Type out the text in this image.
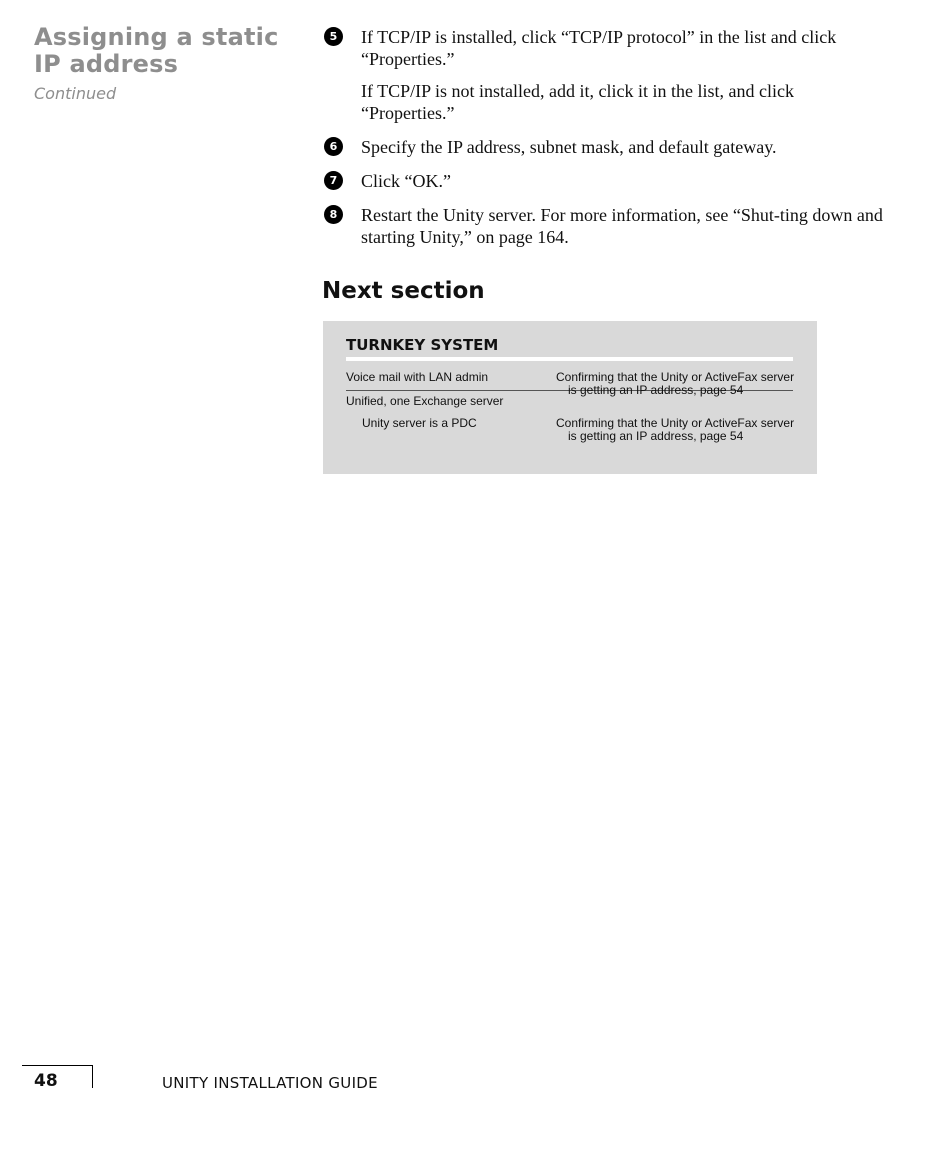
Assigning a static IP address
Continued
5	If TCP/IP is installed, click “TCP/IP protocol” in the list and click “Properties.”

If TCP/IP is not installed, add it, click it in the list, and click “Properties.”

6	Specify the IP address, subnet mask, and default gateway.

7	Click “OK.”

8	Restart the Unity server. For more information, see “Shut-ting down and starting Unity,” on page 164.

Next section
TURNKEY SYSTEM
Voice mail with LAN admin	Confirming that the Unity or ActiveFax server
is getting an IP address, page 54
Unified, one Exchange server
Unity server is a PDC	Confirming that the Unity or ActiveFax server
is getting an IP address, page 54
48	UNITY INSTALLATION GUIDE
